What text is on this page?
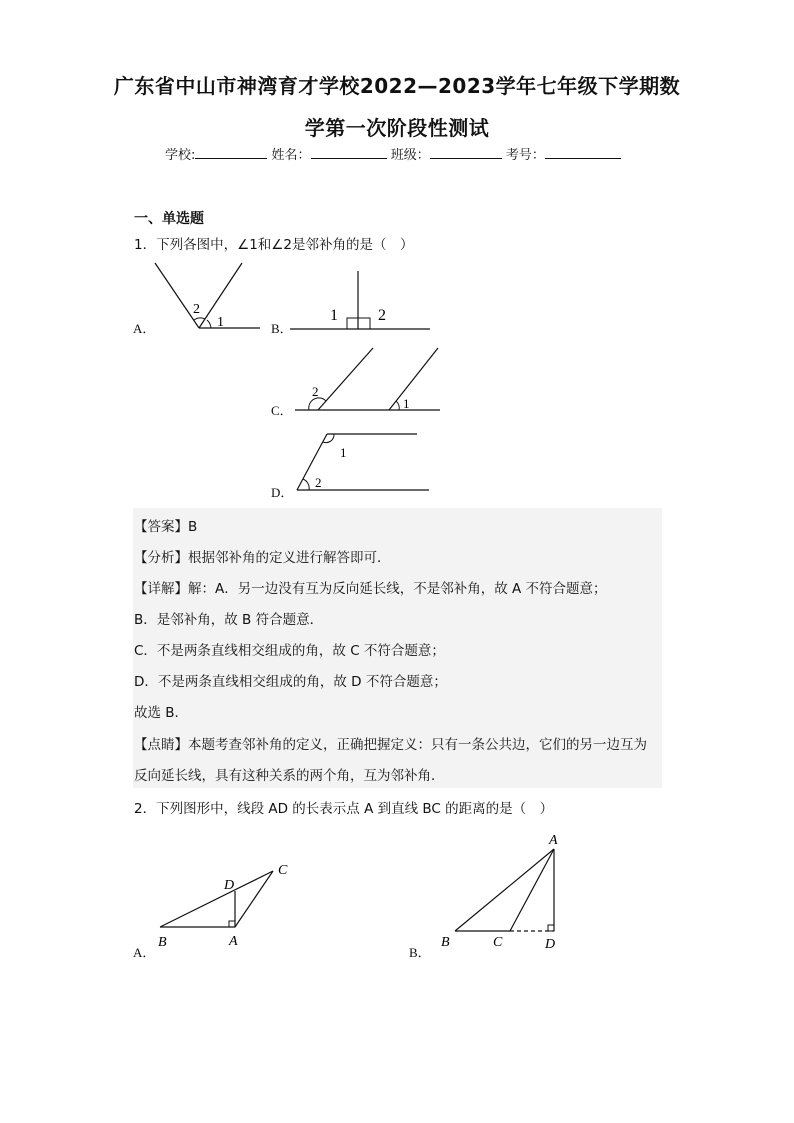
广东省中山市神湾育才学校2022—2023学年七年级下学期数
学第一次阶段性测试
学校:	姓名：	班级：	考号：
一、单选题
1．下列各图中，∠1和∠2是邻补角的是（　）
A．	B．
C．
D．
2
1	1	2
2
1
1
2
【答案】B
【分析】根据邻补角的定义进行解答即可．
【详解】解：A．另一边没有互为反向延长线，不是邻补角，故 A 不符合题意；
B．是邻补角，故 B 符合题意．
C．不是两条直线相交组成的角，故 C 不符合题意；
D．不是两条直线相交组成的角，故 D 不符合题意；
故选 B．
【点睛】本题考查邻补角的定义，正确把握定义：只有一条公共边，它们的另一边互为
反向延长线，具有这种关系的两个角，互为邻补角．
2．下列图形中，线段 AD 的长表示点 A 到直线 BC 的距离的是（　）
A．	B．
B	A
D
C
A
B	C	D
